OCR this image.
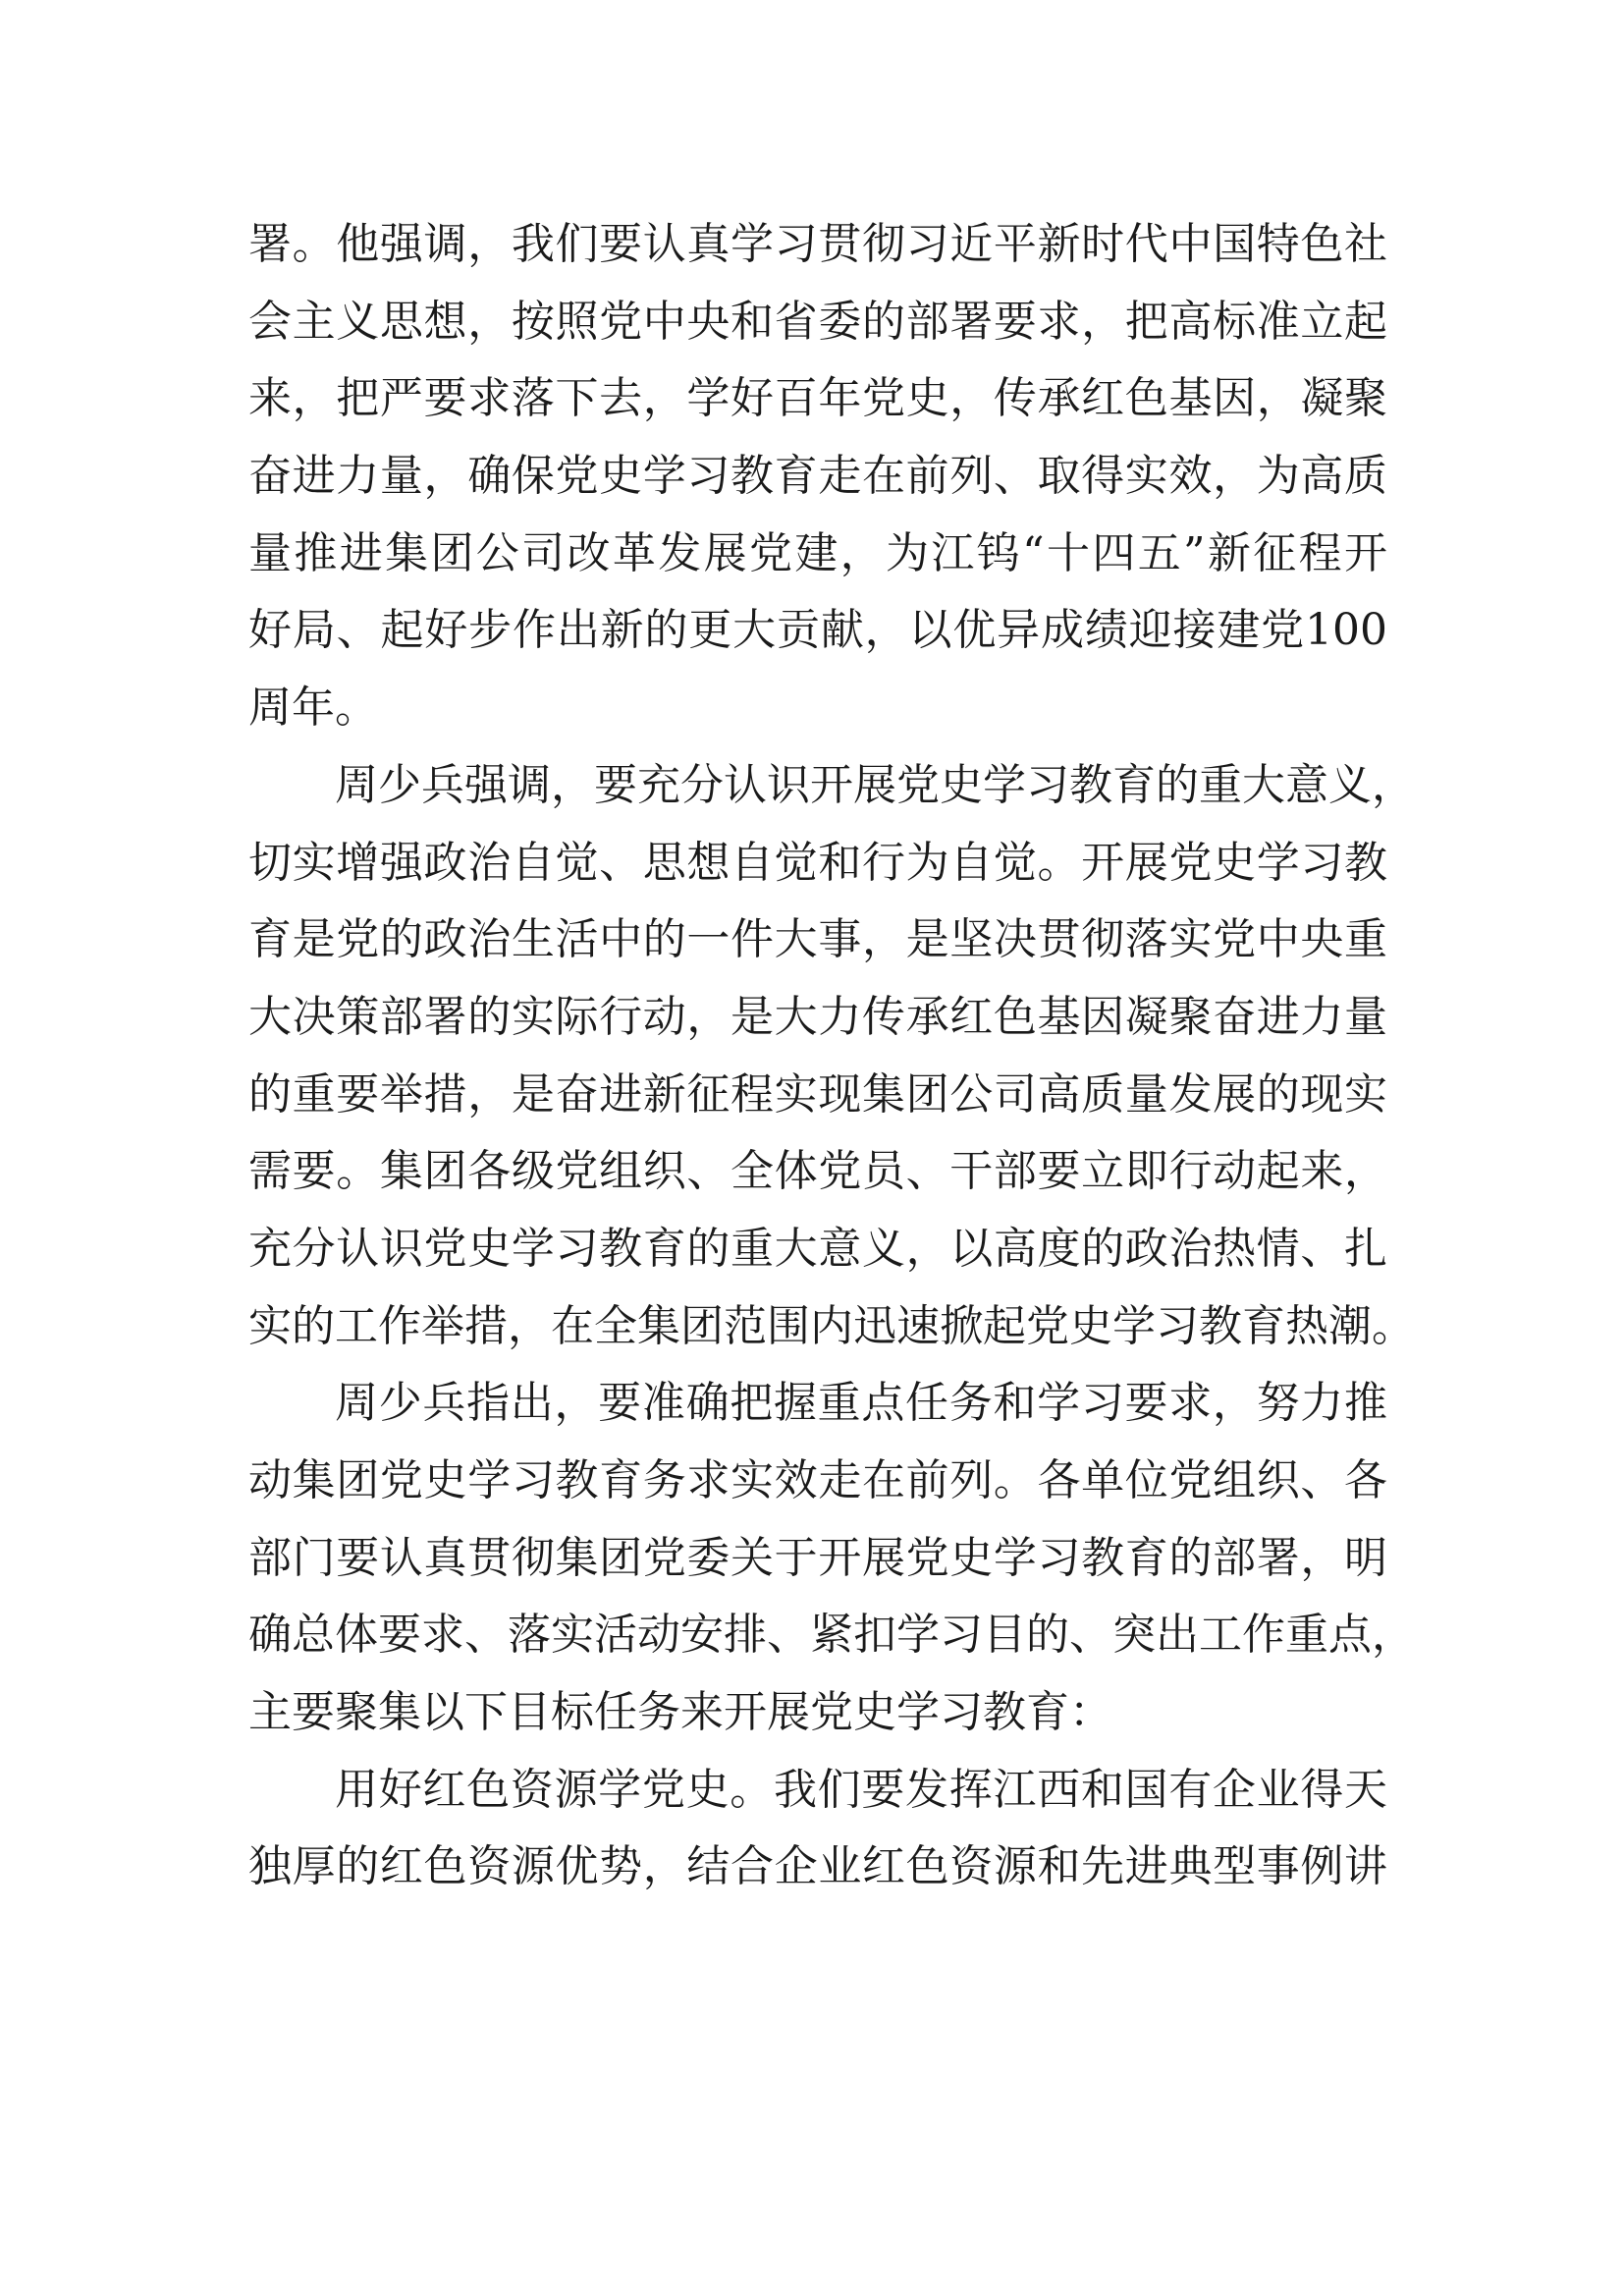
署。他强调，我们要认真学习贯彻习近平新时代中国特色社
会主义思想，按照党中央和省委的部署要求，把高标准立起
来，把严要求落下去，学好百年党史，传承红色基因，凝聚
奋进力量，确保党史学习教育走在前列、取得实效，为高质
量推进集团公司改革发展党建，为江钨“十四五”新征程开
好局、起好步作出新的更大贡献，以优异成绩迎接建党100
周年。
周少兵强调，要充分认识开展党史学习教育的重大意义，
切实增强政治自觉、思想自觉和行为自觉。开展党史学习教
育是党的政治生活中的一件大事，是坚决贯彻落实党中央重
大决策部署的实际行动，是大力传承红色基因凝聚奋进力量
的重要举措，是奋进新征程实现集团公司高质量发展的现实
需要。集团各级党组织、全体党员、干部要立即行动起来，
充分认识党史学习教育的重大意义，以高度的政治热情、扎
实的工作举措，在全集团范围内迅速掀起党史学习教育热潮。
周少兵指出，要准确把握重点任务和学习要求，努力推
动集团党史学习教育务求实效走在前列。各单位党组织、各
部门要认真贯彻集团党委关于开展党史学习教育的部署，明
确总体要求、落实活动安排、紧扣学习目的、突出工作重点，
主要聚集以下目标任务来开展党史学习教育：
用好红色资源学党史。我们要发挥江西和国有企业得天
独厚的红色资源优势，结合企业红色资源和先进典型事例讲
